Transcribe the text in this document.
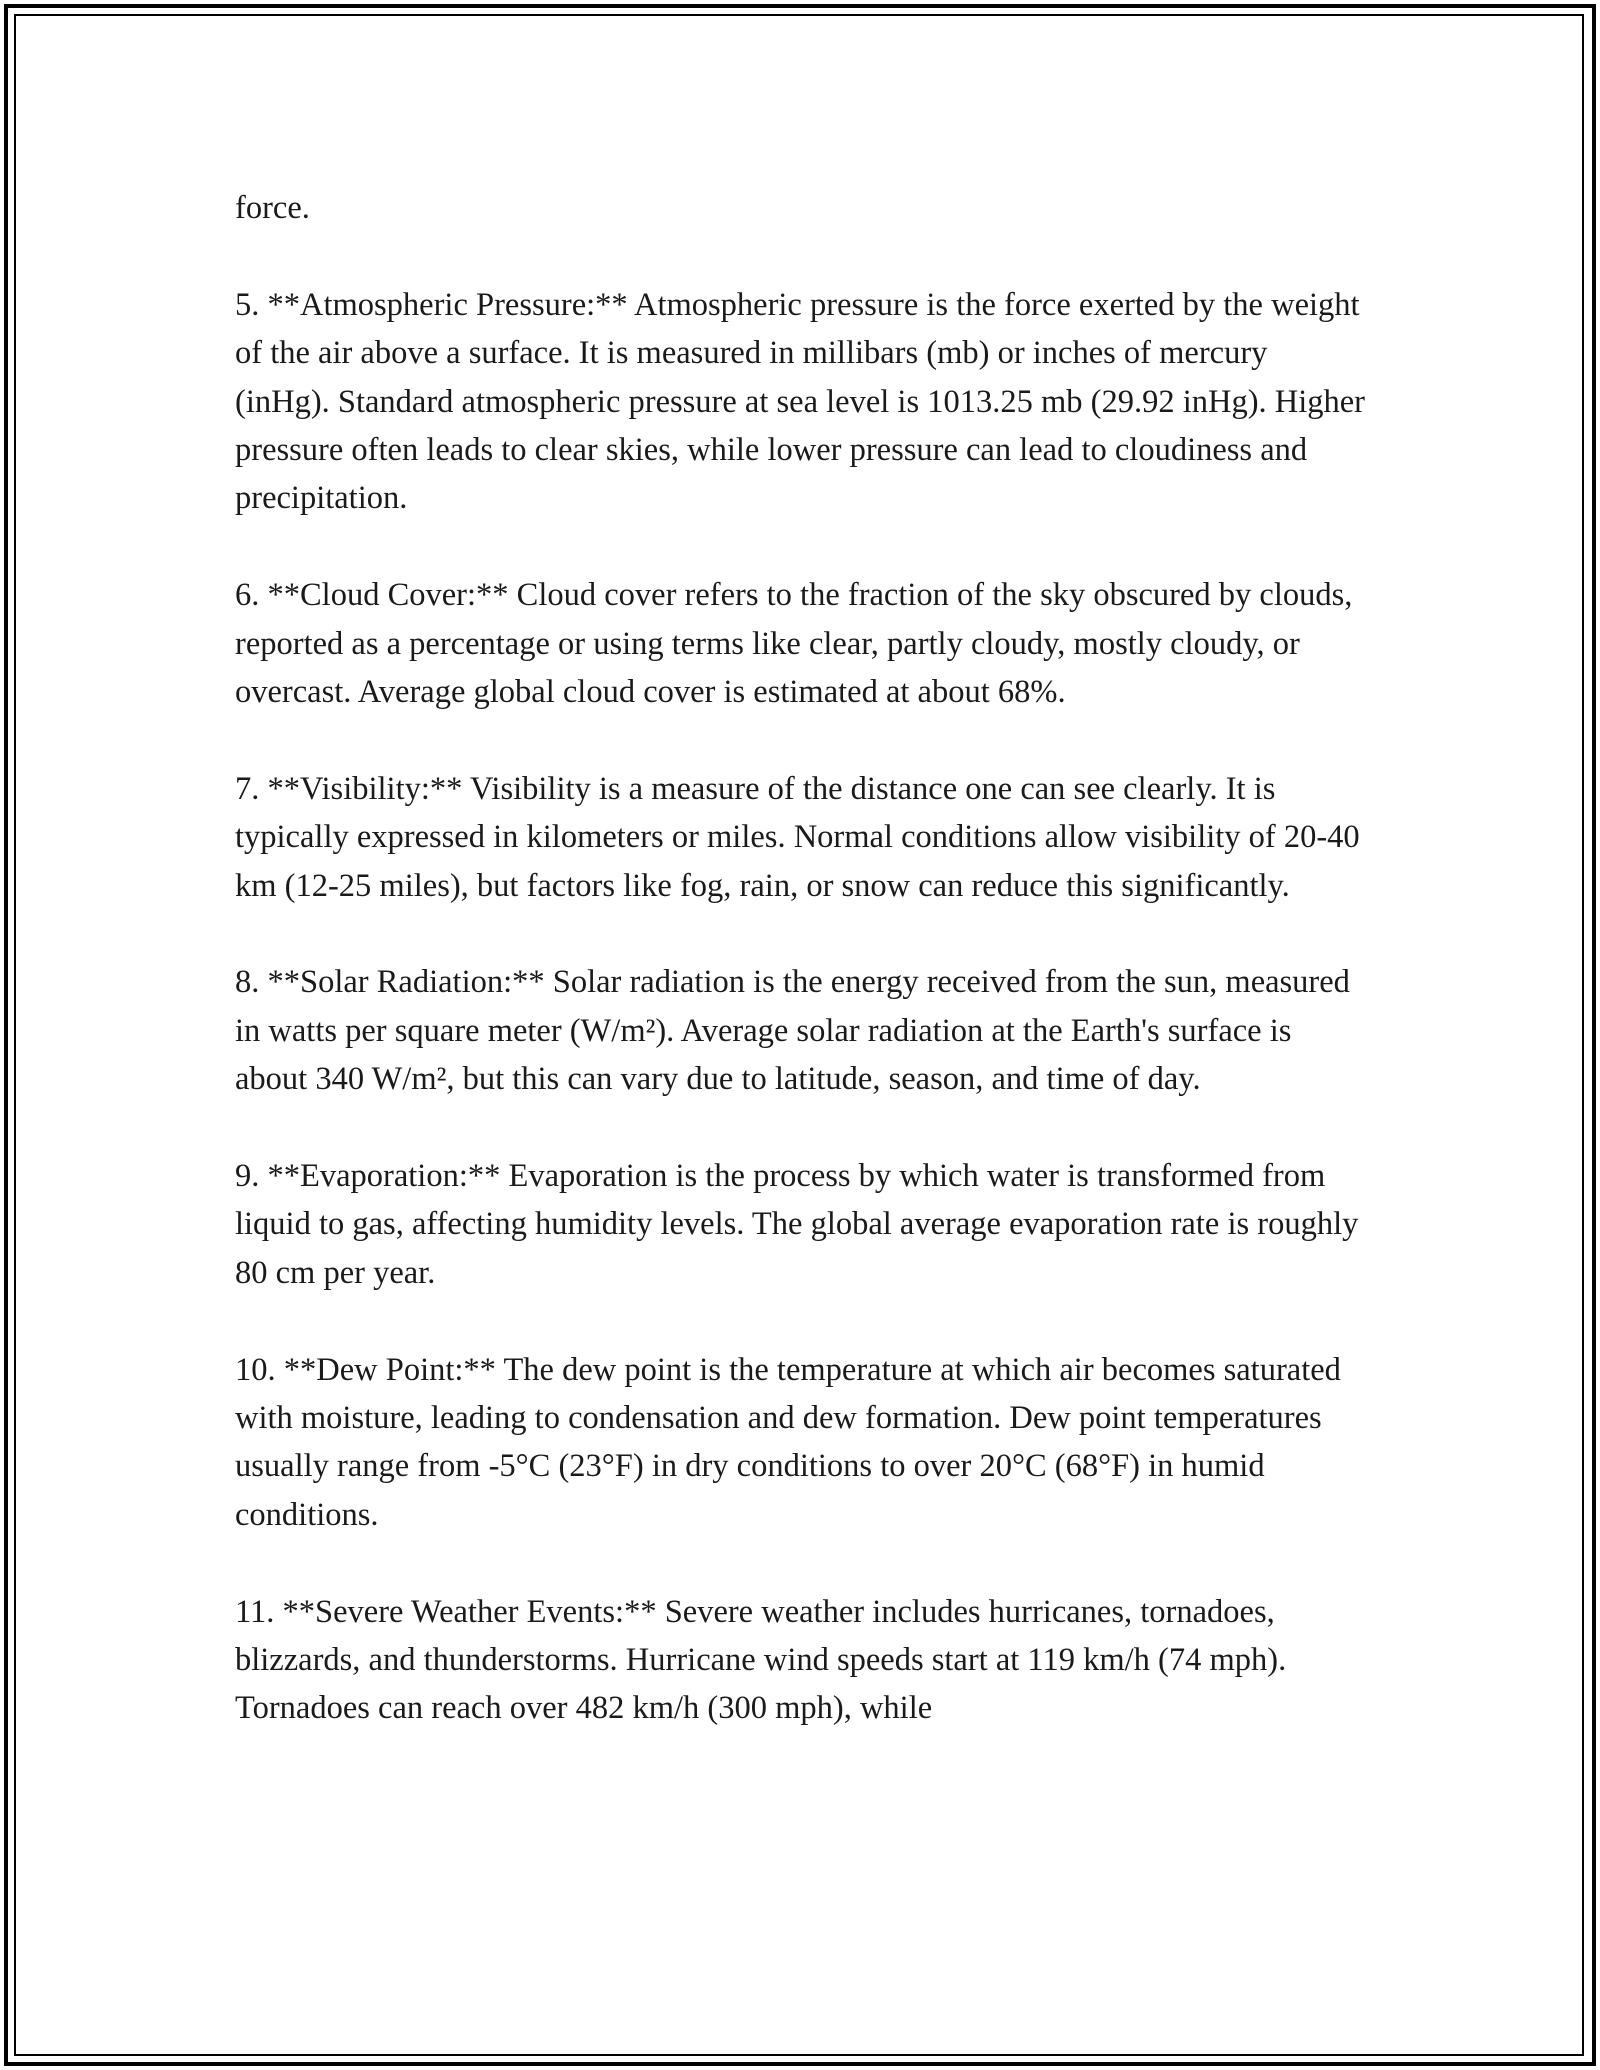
force.

5. **Atmospheric Pressure:** Atmospheric pressure is the force exerted by the weight of the air above a surface. It is measured in millibars (mb) or inches of mercury (inHg). Standard atmospheric pressure at sea level is 1013.25 mb (29.92 inHg). Higher pressure often leads to clear skies, while lower pressure can lead to cloudiness and precipitation.

6. **Cloud Cover:** Cloud cover refers to the fraction of the sky obscured by clouds, reported as a percentage or using terms like clear, partly cloudy, mostly cloudy, or overcast. Average global cloud cover is estimated at about 68%.

7. **Visibility:** Visibility is a measure of the distance one can see clearly. It is typically expressed in kilometers or miles. Normal conditions allow visibility of 20-40 km (12-25 miles), but factors like fog, rain, or snow can reduce this significantly.

8. **Solar Radiation:** Solar radiation is the energy received from the sun, measured in watts per square meter (W/m²). Average solar radiation at the Earth's surface is about 340 W/m², but this can vary due to latitude, season, and time of day.

9. **Evaporation:** Evaporation is the process by which water is transformed from liquid to gas, affecting humidity levels. The global average evaporation rate is roughly 80 cm per year.

10. **Dew Point:** The dew point is the temperature at which air becomes saturated with moisture, leading to condensation and dew formation. Dew point temperatures usually range from -5°C (23°F) in dry conditions to over 20°C (68°F) in humid conditions.

11. **Severe Weather Events:** Severe weather includes hurricanes, tornadoes, blizzards, and thunderstorms. Hurricane wind speeds start at 119 km/h (74 mph). Tornadoes can reach over 482 km/h (300 mph), while
